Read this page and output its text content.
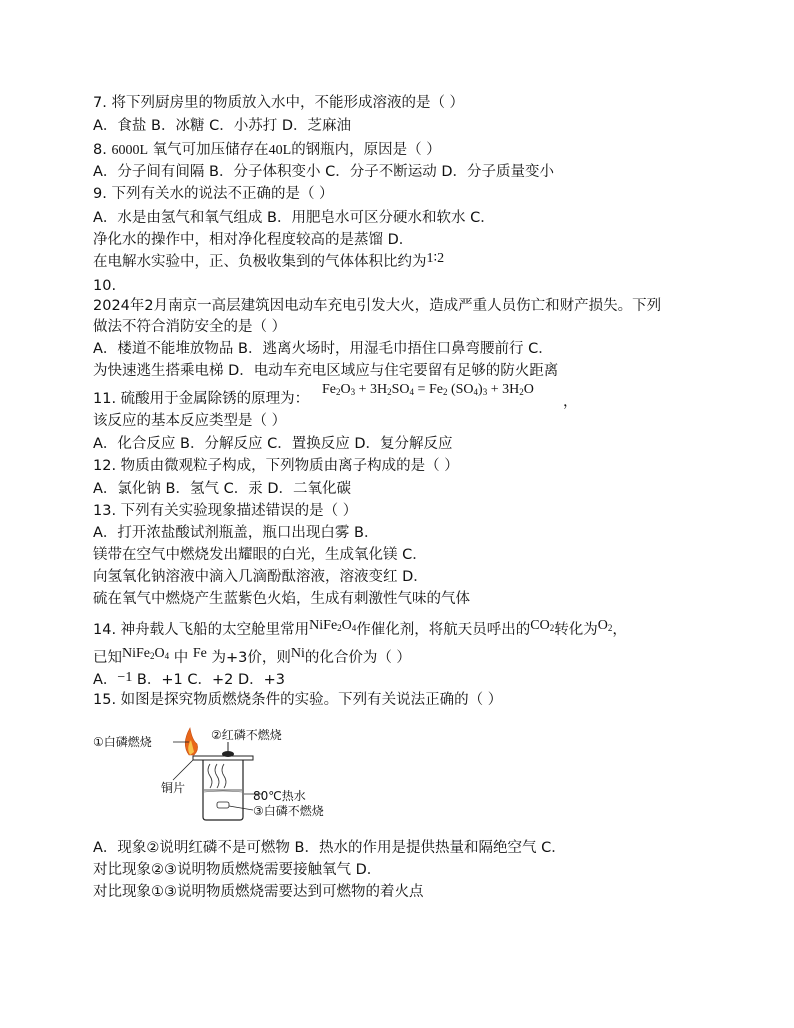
7. 将下列厨房里的物质放入水中，不能形成溶液的是（ ）
A．食盐 B．冰糖 C．小苏打 D．芝麻油
8. 6000L 氧气可加压储存在40L的钢瓶内，原因是（ ）
A．分子间有间隔 B．分子体积变小 C．分子不断运动 D．分子质量变小
9. 下列有关水的说法不正确的是（ ）
A．水是由氢气和氧气组成 B．用肥皂水可区分硬水和软水 C．
净化水的操作中，相对净化程度较高的是蒸馏 D．
在电解水实验中，正、负极收集到的气体体积比约为1∶2
10.
2024年2月南京一高层建筑因电动车充电引发大火，造成严重人员伤亡和财产损失。下列
做法不符合消防安全的是（ ）
A．楼道不能堆放物品 B．逃离火场时，用湿毛巾捂住口鼻弯腰前行 C．
为快速逃生搭乘电梯 D．电动车充电区域应与住宅要留有足够的防火距离
11. 硫酸用于金属除锈的原理为：
$Fe_2O_3 + 3H_2SO_4 = Fe_2$ $(SO_4)_3 + 3H_2O$
，
该反应的基本反应类型是（ ）
A．化合反应 B．分解反应 C．置换反应 D．复分解反应
12. 物质由微观粒子构成，下列物质由离子构成的是（ ）
A．氯化钠 B．氢气 C．汞 D．二氧化碳
13. 下列有关实验现象描述错误的是（ ）
A．打开浓盐酸试剂瓶盖，瓶口出现白雾 B．
镁带在空气中燃烧发出耀眼的白光，生成氧化镁 C．
向氢氧化钠溶液中滴入几滴酚酞溶液，溶液变红 D．
硫在氧气中燃烧产生蓝紫色火焰，生成有刺激性气味的气体
14. 神舟载人飞船的太空舱里常用$NiFe_2O_4$作催化剂，将航天员呼出的$CO_2$转化为$O_2$，
已知$NiFe_2O_4$ 中 Fe 为+3价，则Ni的化合价为（ ）
A．−1 B．+1 C．+2 D．+3
15. 如图是探究物质燃烧条件的实验。下列有关说法正确的（ ）
①白磷燃烧	②红磷不燃烧
铜片
80℃热水
③白磷不燃烧
A．现象②说明红磷不是可燃物 B．热水的作用是提供热量和隔绝空气 C．
对比现象②③说明物质燃烧需要接触氧气 D．
对比现象①③说明物质燃烧需要达到可燃物的着火点
